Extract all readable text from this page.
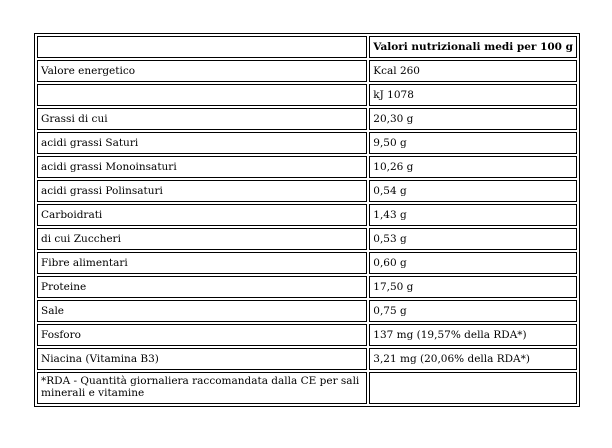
	Valori nutrizionali medi per 100 g
Valore energetico	Kcal 260
	kJ 1078
Grassi di cui	20,30 g
acidi grassi Saturi	9,50 g
acidi grassi Monoinsaturi	10,26 g
acidi grassi Polinsaturi	0,54 g
Carboidrati	1,43 g
di cui Zuccheri	0,53 g
Fibre alimentari	0,60 g
Proteine	17,50 g
Sale	0,75 g
Fosforo	137 mg (19,57% della RDA*)
Niacina (Vitamina B3)	3,21 mg (20,06% della RDA*)
*RDA - Quantità giornaliera raccomandata dalla CE per sali minerali e vitamine	
